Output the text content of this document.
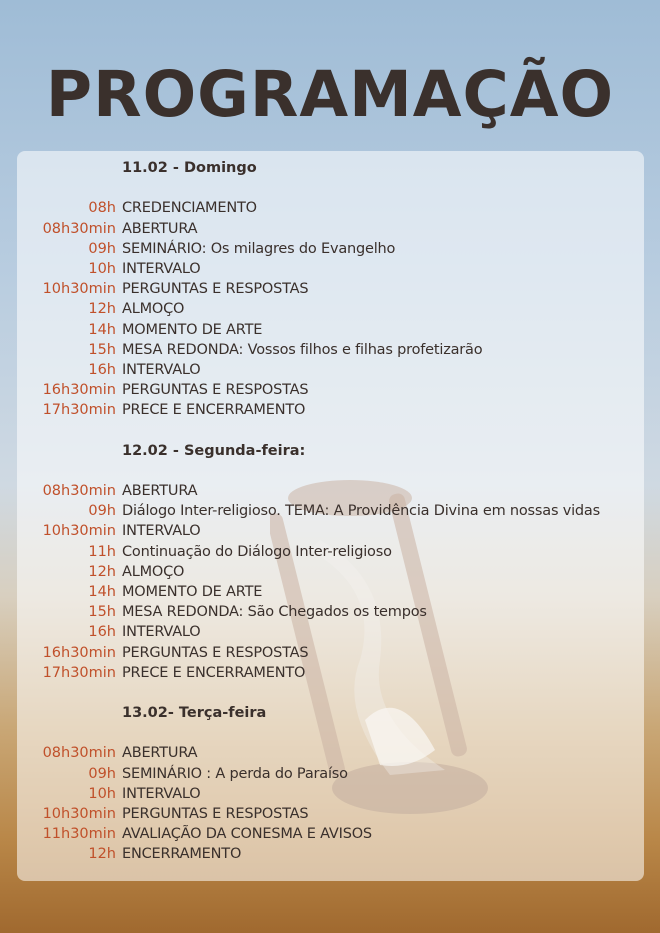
PROGRAMAÇÃO
11.02 - Domingo
08h CREDENCIAMENTO
08h30min ABERTURA
09h SEMINÁRIO: Os milagres do Evangelho
10h INTERVALO
10h30min PERGUNTAS E RESPOSTAS
12h ALMOÇO
14h MOMENTO DE ARTE
15h MESA REDONDA: Vossos filhos e filhas profetizarão
16h INTERVALO
16h30min PERGUNTAS E RESPOSTAS
17h30min PRECE E ENCERRAMENTO
12.02 - Segunda-feira:
08h30min ABERTURA
09h Diálogo Inter-religioso. TEMA: A Providência Divina em nossas vidas
10h30min INTERVALO
11h Continuação do Diálogo Inter-religioso
12h ALMOÇO
14h MOMENTO DE ARTE
15h MESA REDONDA: São Chegados os tempos
16h INTERVALO
16h30min PERGUNTAS E RESPOSTAS
17h30min PRECE E ENCERRAMENTO
13.02- Terça-feira
08h30min ABERTURA
09h SEMINÁRIO : A perda do Paraíso
10h INTERVALO
10h30min PERGUNTAS E RESPOSTAS
11h30min AVALIAÇÃO DA CONESMA E AVISOS
12h ENCERRAMENTO
